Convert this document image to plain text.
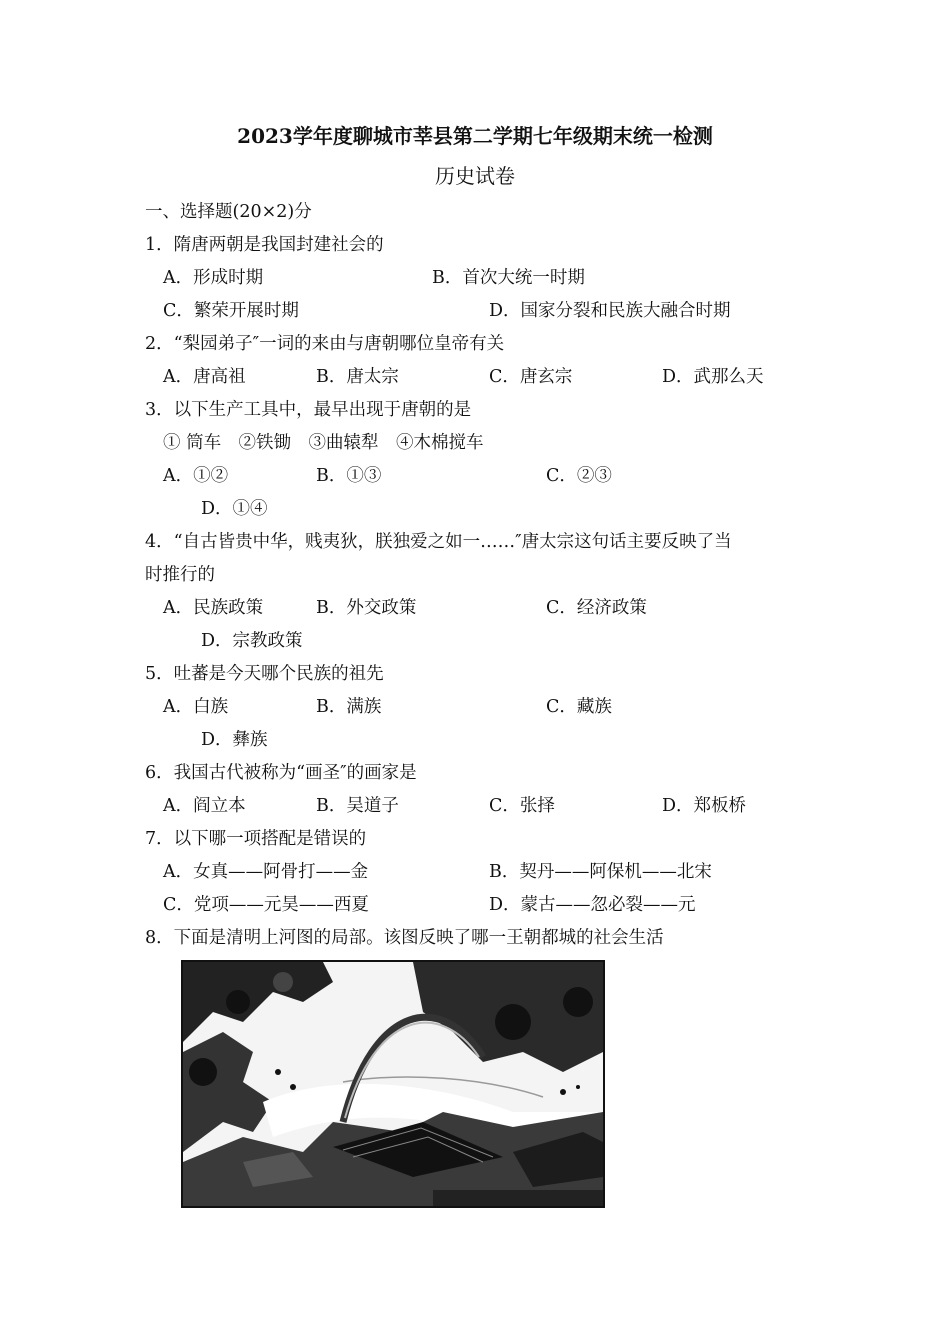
2023学年度聊城市莘县第二学期七年级期末统一检测
历史试卷
一、选择题(20×2)分
1．隋唐两朝是我国封建社会的
A．形成时期	B．首次大统一时期
C．繁荣开展时期	D．国家分裂和民族大融合时期
2．“梨园弟子″一词的来由与唐朝哪位皇帝有关
A．唐高祖	B．唐太宗	C．唐玄宗	D．武那么天
3．以下生产工具中，最早出现于唐朝的是
① 筒车　②铁锄　③曲辕犁　④木棉搅车
A．①②	B．①③	C．②③
D．①④
4．“自古皆贵中华，贱夷狄，朕独爱之如一……″唐太宗这句话主要反映了当
时推行的
A．民族政策	B．外交政策	C．经济政策
D．宗教政策
5．吐蕃是今天哪个民族的祖先
A．白族	B．满族	C．藏族
D．彝族
6．我国古代被称为“画圣″的画家是
A．阎立本	B．吴道子	C．张择	D．郑板桥
7．以下哪一项搭配是错误的
A．女真——阿骨打——金	B．契丹——阿保机——北宋
C．党项——元昊——西夏	D．蒙古——忽必裂——元
8．下面是清明上河图的局部。该图反映了哪一王朝都城的社会生活
